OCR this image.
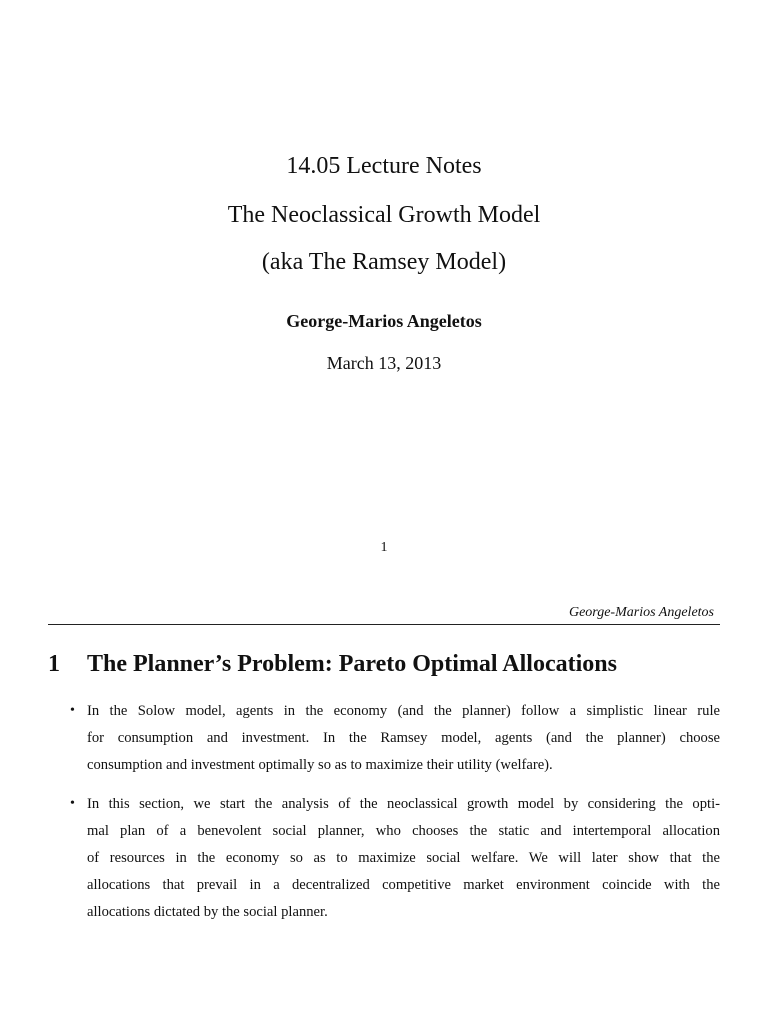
14.05 Lecture Notes
The Neoclassical Growth Model
(aka The Ramsey Model)
George-Marios Angeletos
March 13, 2013
1
George-Marios Angeletos
1 The Planner’s Problem: Pareto Optimal Allocations
• In the Solow model, agents in the economy (and the planner) follow a simplistic linear rule
for consumption and investment. In the Ramsey model, agents (and the planner) choose
consumption and investment optimally so as to maximize their utility (welfare).
• In this section, we start the analysis of the neoclassical growth model by considering the opti-
mal plan of a benevolent social planner, who chooses the static and intertemporal allocation
of resources in the economy so as to maximize social welfare. We will later show that the
allocations that prevail in a decentralized competitive market environment coincide with the
allocations dictated by the social planner.
